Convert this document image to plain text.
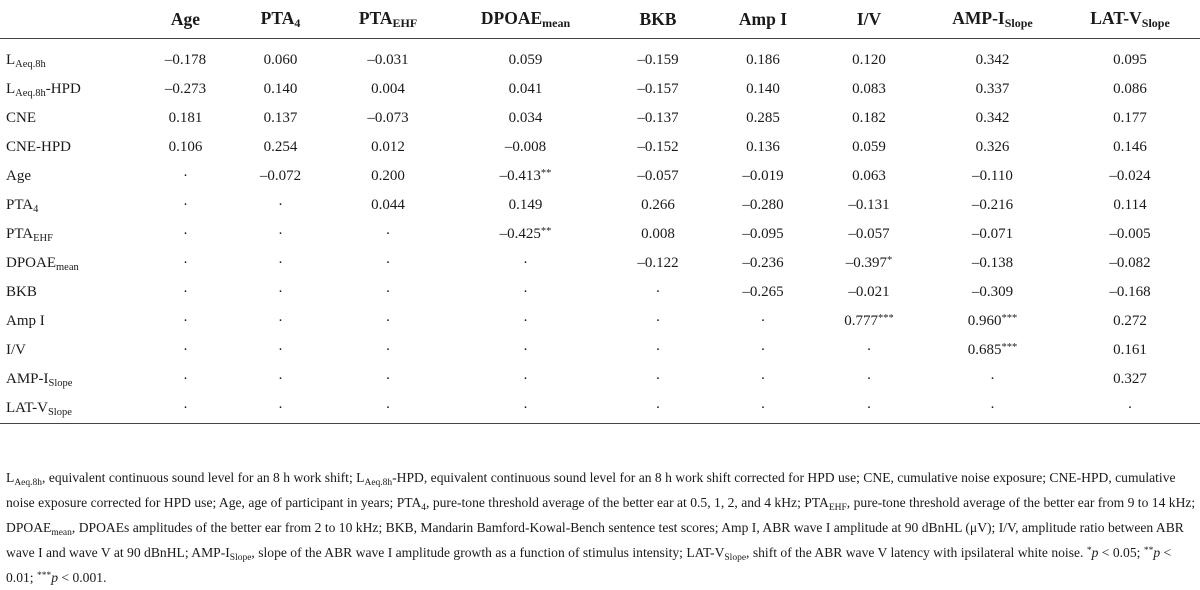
	Age	$PTA_4$	$PTA_{EHF}$	$DPOAE_{mean}$	BKB	Amp I	I/V	AMP-$I_{Slope}$	LAT-$V_{Slope}$

$L_{Aeq.8h}$	–0.178	0.060	–0.031	0.059	–0.159	0.186	0.120	0.342	0.095
$L_{Aeq.8h}$-HPD	–0.273	0.140	0.004	0.041	–0.157	0.140	0.083	0.337	0.086
CNE	0.181	0.137	–0.073	0.034	–0.137	0.285	0.182	0.342	0.177
CNE-HPD	0.106	0.254	0.012	–0.008	–0.152	0.136	0.059	0.326	0.146
Age	·	–0.072	0.200	–0.413**	–0.057	–0.019	0.063	–0.110	–0.024
$PTA_4$	·	·	0.044	0.149	0.266	–0.280	–0.131	–0.216	0.114
$PTA_{EHF}$	·	·	·	–0.425**	0.008	–0.095	–0.057	–0.071	–0.005
$DPOAE_{mean}$	·	·	·	·	–0.122	–0.236	–0.397*	–0.138	–0.082
BKB	·	·	·	·	·	–0.265	–0.021	–0.309	–0.168
Amp I	·	·	·	·	·	·	0.777***	0.960***	0.272
I/V	·	·	·	·	·	·	·	0.685***	0.161
AMP-$I_{Slope}$	·	·	·	·	·	·	·	·	0.327
LAT-$V_{Slope}$	·	·	·	·	·	·	·	·	·

$L_{Aeq.8h}$, equivalent continuous sound level for an 8 h work shift; $L_{Aeq.8h}$-HPD, equivalent continuous sound level for an 8 h work shift corrected for HPD use; CNE, cumulative noise exposure; CNE-HPD, cumulative noise exposure corrected for HPD use; Age, age of participant in years; $PTA_4$, pure-tone threshold average of the better ear at 0.5, 1, 2, and 4 kHz; $PTA_{EHF}$, pure-tone threshold average of the better ear from 9 to 14 kHz; $DPOAE_{mean}$, DPOAEs amplitudes of the better ear from 2 to 10 kHz; BKB, Mandarin Bamford-Kowal-Bench sentence test scores; Amp I, ABR wave I amplitude at 90 dBnHL (μV); I/V, amplitude ratio between ABR wave I and wave V at 90 dBnHL; AMP-$I_{Slope}$, slope of the ABR wave I amplitude growth as a function of stimulus intensity; LAT-$V_{Slope}$, shift of the ABR wave V latency with ipsilateral white noise. *p < 0.05; **p < 0.01; ***p < 0.001.
